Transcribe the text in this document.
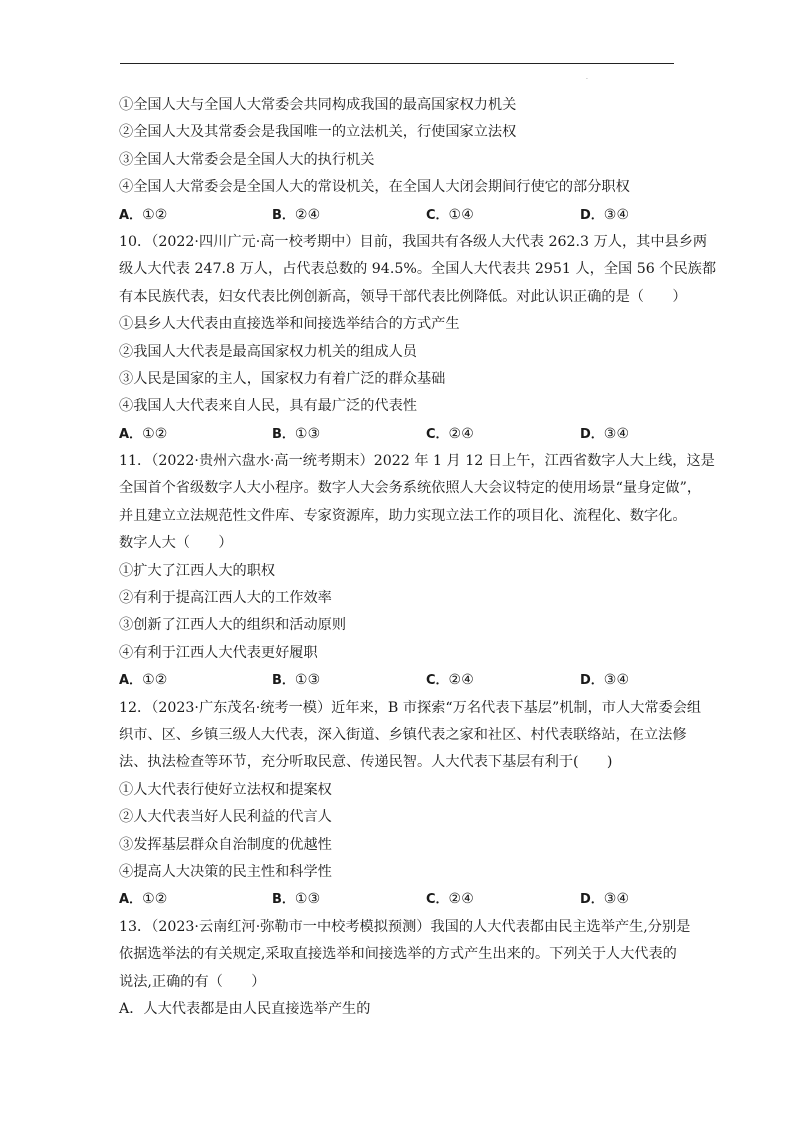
.
①全国人大与全国人大常委会共同构成我国的最高国家权力机关
②全国人大及其常委会是我国唯一的立法机关，行使国家立法权
③全国人大常委会是全国人大的执行机关
④全国人大常委会是全国人大的常设机关，在全国人大闭会期间行使它的部分职权
A．①②	B．②④	C．①④	D．③④
10．（2022·四川广元·高一校考期中）目前，我国共有各级人大代表 262.3 万人，其中县乡两
级人大代表 247.8 万人，占代表总数的 94.5%。全国人大代表共 2951 人，全国 56 个民族都
有本民族代表，妇女代表比例创新高，领导干部代表比例降低。对此认识正确的是（　　）
①县乡人大代表由直接选举和间接选举结合的方式产生
②我国人大代表是最高国家权力机关的组成人员
③人民是国家的主人，国家权力有着广泛的群众基础
④我国人大代表来自人民，具有最广泛的代表性
A．①②	B．①③	C．②④	D．③④
11．（2022·贵州六盘水·高一统考期末）2022 年 1 月 12 日上午，江西省数字人大上线，这是
全国首个省级数字人大小程序。数字人大会务系统依照人大会议特定的使用场景“量身定做”，
并且建立立法规范性文件库、专家资源库，助力实现立法工作的项目化、流程化、数字化。
数字人大（　　）
①扩大了江西人大的职权
②有利于提高江西人大的工作效率
③创新了江西人大的组织和活动原则
④有利于江西人大代表更好履职
A．①②	B．①③	C．②④	D．③④
12．（2023·广东茂名·统考一模）近年来，B 市探索“万名代表下基层”机制，市人大常委会组
织市、区、乡镇三级人大代表，深入街道、乡镇代表之家和社区、村代表联络站，在立法修
法、执法检查等环节，充分听取民意、传递民智。人大代表下基层有利于(　　)
①人大代表行使好立法权和提案权
②人大代表当好人民利益的代言人
③发挥基层群众自治制度的优越性
④提高人大决策的民主性和科学性
A．①②	B．①③	C．②④	D．③④
13．（2023·云南红河·弥勒市一中校考模拟预测）我国的人大代表都由民主选举产生,分别是
依据选举法的有关规定,采取直接选举和间接选举的方式产生出来的。下列关于人大代表的
说法,正确的有（　　）
A．人大代表都是由人民直接选举产生的
